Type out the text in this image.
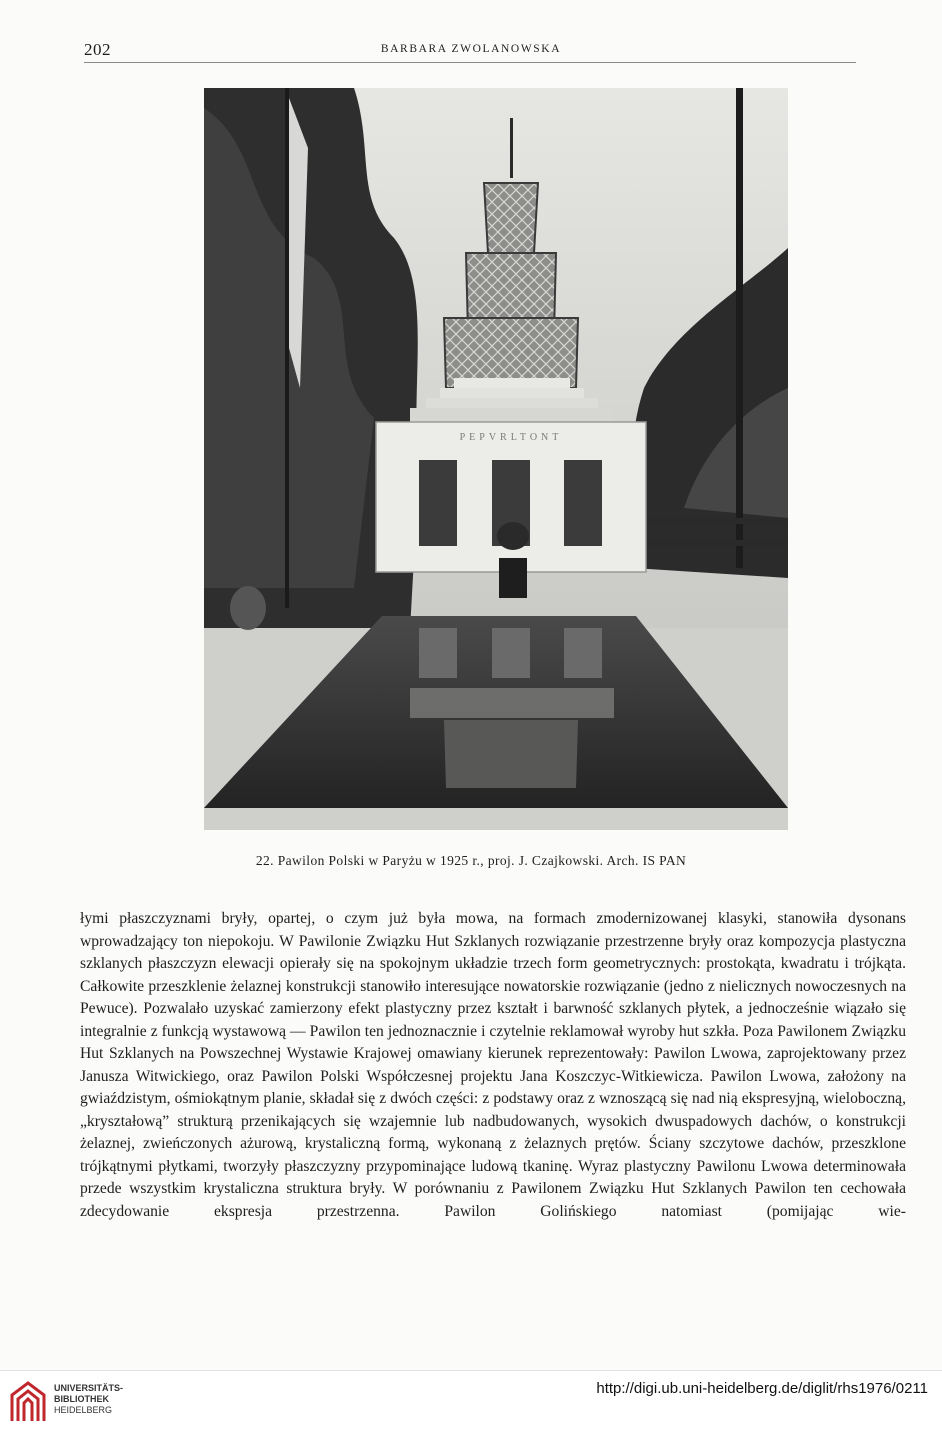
202	BARBARA ZWOLANOWSKA
PEPVRLTONT
22. Pawilon Polski w Paryżu w 1925 r., proj. J. Czajkowski. Arch. IS PAN

łymi płaszczyznami bryły, opartej, o czym już była mowa, na formach zmodernizowanej klasyki, stanowiła dysonans wprowadzający ton niepokoju. W Pawilonie Związku Hut Szklanych rozwiązanie przestrzenne bryły oraz kompozycja plastyczna szklanych płaszczyzn elewacji opierały się na spokojnym układzie trzech form geometrycznych: prostokąta, kwadratu i trójkąta. Całkowite przeszklenie żelaznej konstrukcji stanowiło interesujące nowatorskie rozwiązanie (jedno z nielicznych nowoczesnych na Pewuce). Pozwalało uzyskać zamierzony efekt plastyczny przez kształt i barwność szklanych płytek, a jednocześnie wiązało się integralnie z funkcją wystawową — Pawilon ten jednoznacznie i czytelnie reklamował wyroby hut szkła. Poza Pawilonem Związku Hut Szklanych na Powszechnej Wystawie Krajowej omawiany kierunek reprezentowały: Pawilon Lwowa, zaprojektowany przez Janusza Witwickiego, oraz Pawilon Polski Współczesnej projektu Jana Koszczyc-Witkiewicza. Pawilon Lwowa, założony na gwiaździstym, ośmiokątnym planie, składał się z dwóch części: z podstawy oraz z wznoszącą się nad nią ekspresyjną, wieloboczną, „kryształową” strukturą przenikających się wzajemnie lub nadbudowanych, wysokich dwuspadowych dachów, o konstrukcji żelaznej, zwieńczonych ażurową, krystaliczną formą, wykonaną z żelaznych prętów. Ściany szczytowe dachów, przeszklone trójkątnymi płytkami, tworzyły płaszczyzny przypominające ludową tkaninę. Wyraz plastyczny Pawilonu Lwowa determinowała przede wszystkim krystaliczna struktura bryły. W porównaniu z Pawilonem Związku Hut Szklanych Pawilon ten cechowała zdecydowanie ekspresja przestrzenna. Pawilon Golińskiego natomiast (pomijając wie-

UNIVERSITÄTS-
BIBLIOTHEK
HEIDELBERG
http://digi.ub.uni-heidelberg.de/diglit/rhs1976/0211
